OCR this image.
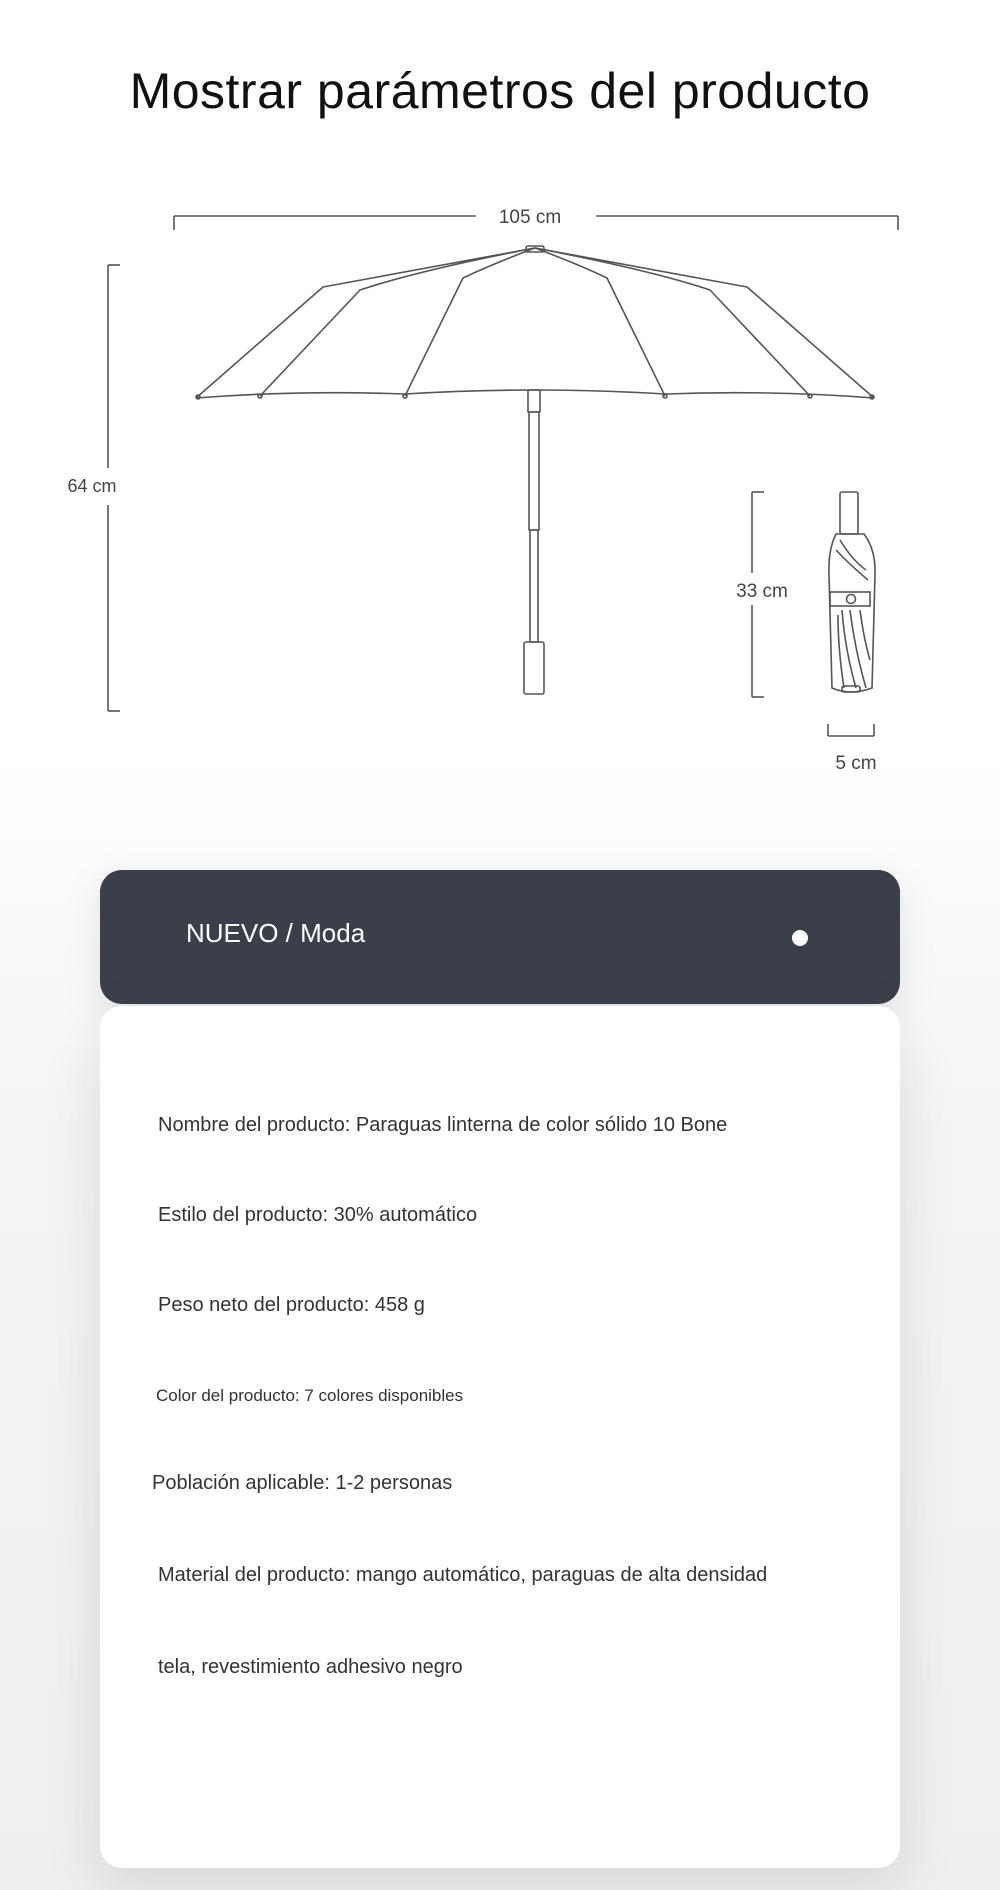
Mostrar parámetros del producto
105 cm
64 cm
33 cm
5 cm
NUEVO / Moda
Nombre del producto: Paraguas linterna de color sólido 10 Bone
Estilo del producto: 30% automático
Peso neto del producto: 458 g
Color del producto: 7 colores disponibles
Población aplicable: 1-2 personas
Material del producto: mango automático, paraguas de alta densidad
tela, revestimiento adhesivo negro
